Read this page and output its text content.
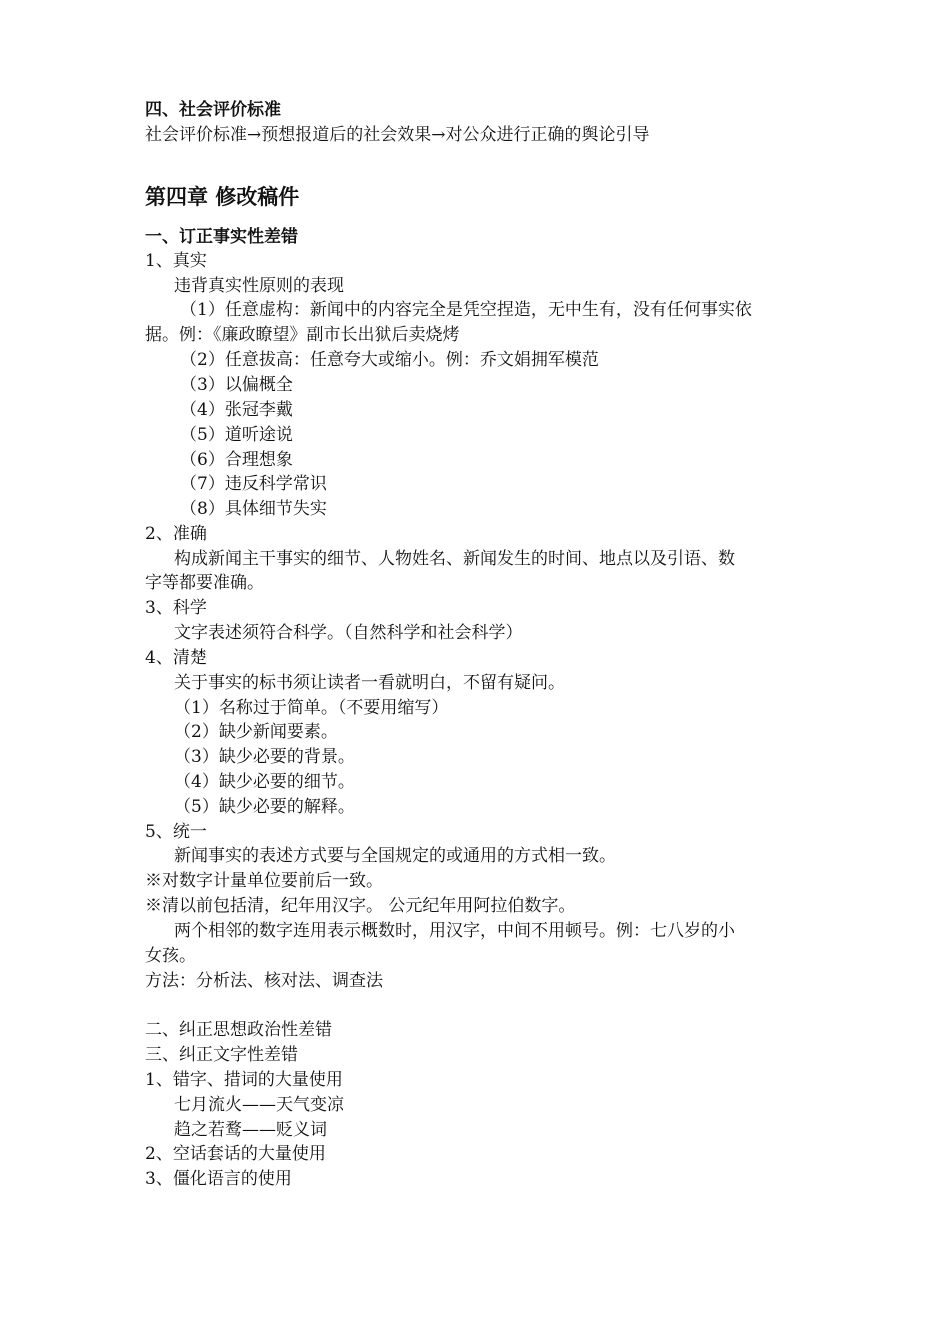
四、社会评价标准
社会评价标准→预想报道后的社会效果→对公众进行正确的舆论引导
第四章 修改稿件
一、订正事实性差错
1、真实
违背真实性原则的表现
（1）任意虚构：新闻中的内容完全是凭空捏造，无中生有，没有任何事实依
据。例：《廉政瞭望》副市长出狱后卖烧烤
（2）任意拔高：任意夸大或缩小。例：乔文娟拥军模范
（3）以偏概全
（4）张冠李戴
（5）道听途说
（6）合理想象
（7）违反科学常识
（8）具体细节失实
2、准确
构成新闻主干事实的细节、人物姓名、新闻发生的时间、地点以及引语、数
字等都要准确。
3、科学
文字表述须符合科学。（自然科学和社会科学）
4、清楚
关于事实的标书须让读者一看就明白，不留有疑问。
（1）名称过于简单。（不要用缩写）
（2）缺少新闻要素。
（3）缺少必要的背景。
（4）缺少必要的细节。
（5）缺少必要的解释。
5、统一
新闻事实的表述方式要与全国规定的或通用的方式相一致。
※对数字计量单位要前后一致。
※清以前包括清，纪年用汉字。 公元纪年用阿拉伯数字。
两个相邻的数字连用表示概数时，用汉字，中间不用顿号。例：七八岁的小
女孩。
方法：分析法、核对法、调查法
二、纠正思想政治性差错
三、纠正文字性差错
1、错字、措词的大量使用
七月流火——天气变凉
趋之若鹜——贬义词
2、空话套话的大量使用
3、僵化语言的使用
